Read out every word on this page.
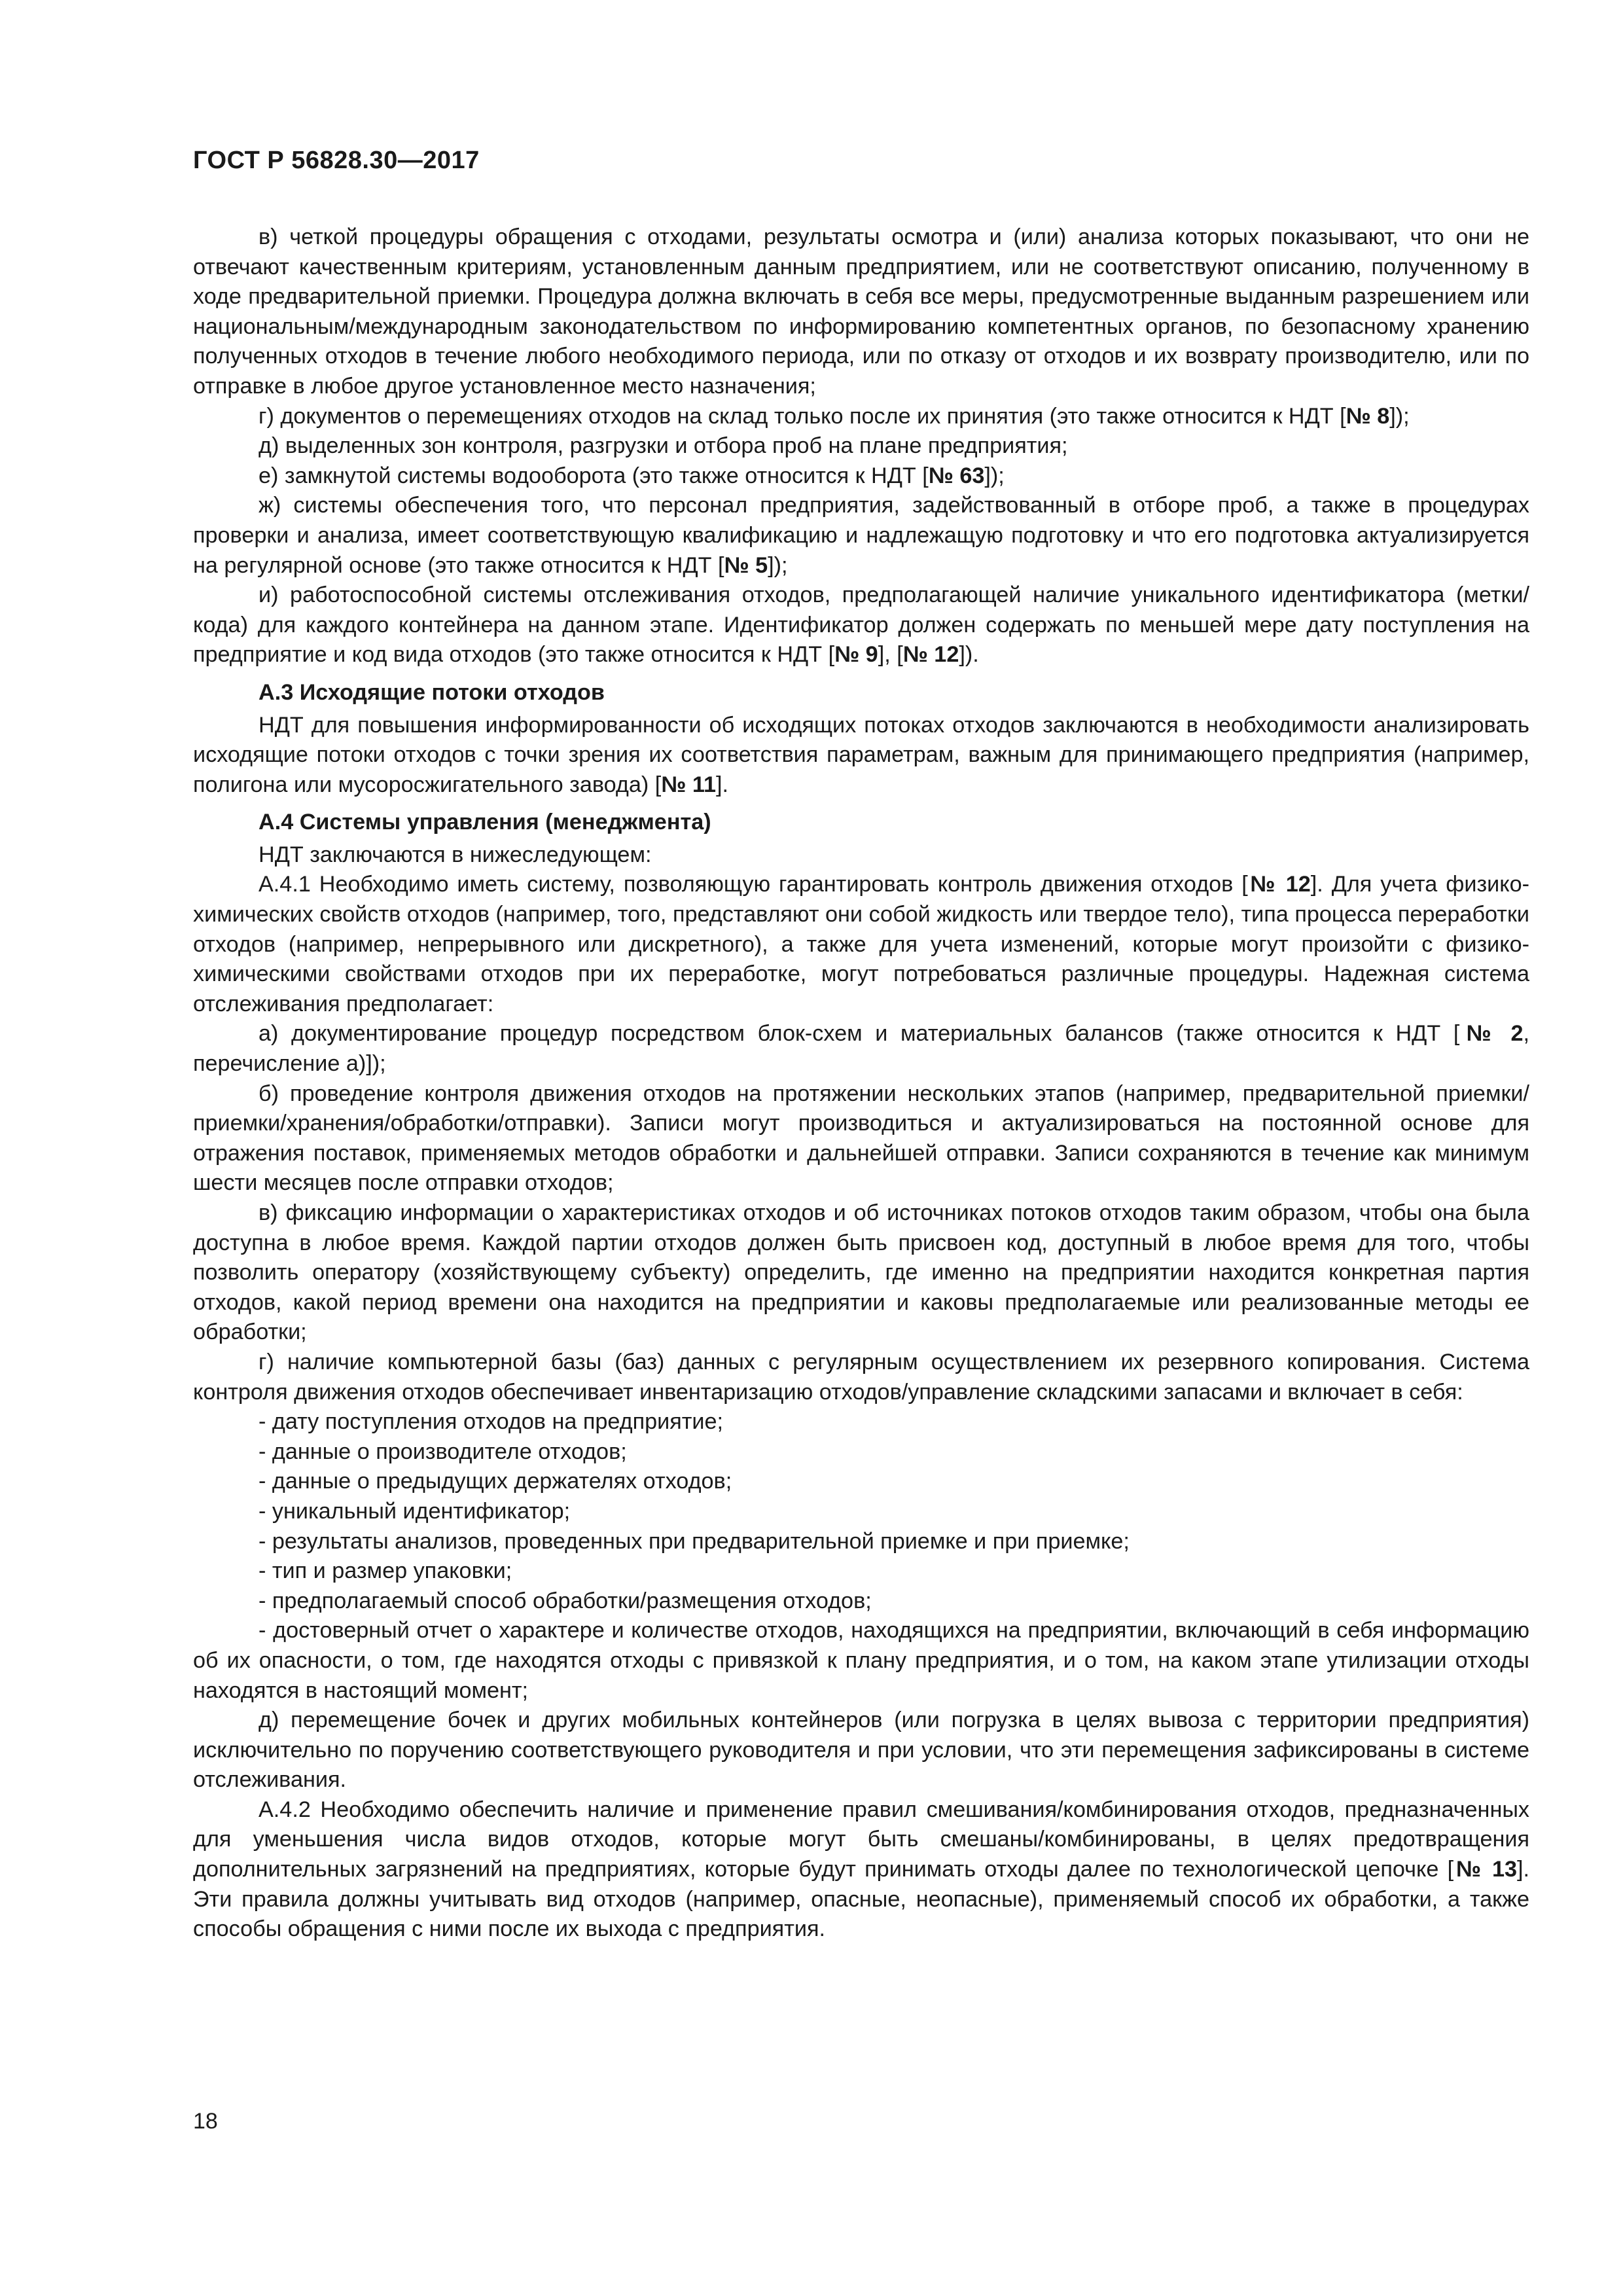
ГОСТ Р 56828.30—2017

в) четкой процедуры обращения с отходами, результаты осмотра и (или) анализа которых показывают, что они не отвечают качественным критериям, установленным данным предприятием, или не соответствуют описанию, полученному в ходе предварительной приемки. Процедура должна включать в себя все меры, предусмотренные выданным разрешением или национальным/международным законодательством по информированию компетентных органов, по безопасному хранению полученных отходов в течение любого необходимого периода, или по отказу от отходов и их возврату производителю, или по отправке в любое другое установленное место назначения;

г) документов о перемещениях отходов на склад только после их принятия (это также относится к НДТ [№ 8]);

д) выделенных зон контроля, разгрузки и отбора проб на плане предприятия;

е) замкнутой системы водооборота (это также относится к НДТ [№ 63]);

ж) системы обеспечения того, что персонал предприятия, задействованный в отборе проб, а также в процедурах проверки и анализа, имеет соответствующую квалификацию и надлежащую подготовку и что его подготовка актуализируется на регулярной основе (это также относится к НДТ [№ 5]);

и) работоспособной системы отслеживания отходов, предполагающей наличие уникального идентификатора (метки/кода) для каждого контейнера на данном этапе. Идентификатор должен содержать по меньшей мере дату поступления на предприятие и код вида отходов (это также относится к НДТ [№ 9], [№ 12]).

А.3 Исходящие потоки отходов

НДТ для повышения информированности об исходящих потоках отходов заключаются в необходимости анализировать исходящие потоки отходов с точки зрения их соответствия параметрам, важным для принимающего предприятия (например, полигона или мусоросжигательного завода) [№ 11].

А.4 Системы управления (менеджмента)

НДТ заключаются в нижеследующем:

А.4.1 Необходимо иметь систему, позволяющую гарантировать контроль движения отходов [№ 12]. Для учета физико-химических свойств отходов (например, того, представляют они собой жидкость или твердое тело), типа процесса переработки отходов (например, непрерывного или дискретного), а также для учета изменений, которые могут произойти с физико-химическими свойствами отходов при их переработке, могут потребоваться различные процедуры. Надежная система отслеживания предполагает:

а) документирование процедур посредством блок-схем и материальных балансов (также относится к НДТ [№ 2, перечисление а)]);

б) проведение контроля движения отходов на протяжении нескольких этапов (например, предварительной приемки/приемки/хранения/обработки/отправки). Записи могут производиться и актуализироваться на постоянной основе для отражения поставок, применяемых методов обработки и дальнейшей отправки. Записи сохраняются в течение как минимум шести месяцев после отправки отходов;

в) фиксацию информации о характеристиках отходов и об источниках потоков отходов таким образом, чтобы она была доступна в любое время. Каждой партии отходов должен быть присвоен код, доступный в любое время для того, чтобы позволить оператору (хозяйствующему субъекту) определить, где именно на предприятии находится конкретная партия отходов, какой период времени она находится на предприятии и каковы предполагаемые или реализованные методы ее обработки;

г) наличие компьютерной базы (баз) данных с регулярным осуществлением их резервного копирования. Система контроля движения отходов обеспечивает инвентаризацию отходов/управление складскими запасами и включает в себя:

- дату поступления отходов на предприятие;

- данные о производителе отходов;

- данные о предыдущих держателях отходов;

- уникальный идентификатор;

- результаты анализов, проведенных при предварительной приемке и при приемке;

- тип и размер упаковки;

- предполагаемый способ обработки/размещения отходов;

- достоверный отчет о характере и количестве отходов, находящихся на предприятии, включающий в себя информацию об их опасности, о том, где находятся отходы с привязкой к плану предприятия, и о том, на каком этапе утилизации отходы находятся в настоящий момент;

д) перемещение бочек и других мобильных контейнеров (или погрузка в целях вывоза с территории предприятия) исключительно по поручению соответствующего руководителя и при условии, что эти перемещения зафиксированы в системе отслеживания.

А.4.2 Необходимо обеспечить наличие и применение правил смешивания/комбинирования отходов, предназначенных для уменьшения числа видов отходов, которые могут быть смешаны/комбинированы, в целях предотвращения дополнительных загрязнений на предприятиях, которые будут принимать отходы далее по технологической цепочке [№ 13]. Эти правила должны учитывать вид отходов (например, опасные, неопасные), применяемый способ их обработки, а также способы обращения с ними после их выхода с предприятия.

18
